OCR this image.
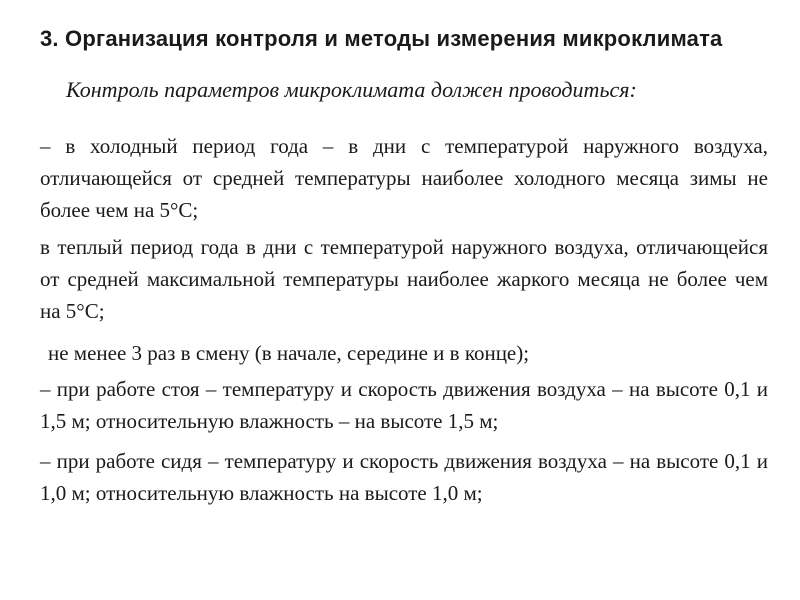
3. Организация контроля и методы измерения микроклимата

Контроль параметров микроклимата должен проводиться:

– в холодный период года – в дни с температурой наружного воздуха, отличающейся от средней температуры наиболее холодного месяца зимы не более чем на 5°С;

в теплый период года в дни с температурой наружного воздуха, отличающейся от средней максимальной температуры наиболее жаркого месяца не более чем на 5°С;

не менее 3 раз в смену (в начале, середине и в конце);

– при работе стоя – температуру и скорость движения воздуха – на высоте 0,1 и 1,5 м; относительную влажность – на высоте 1,5 м;

– при работе сидя – температуру и скорость движения воздуха – на высоте 0,1 и 1,0 м; относительную влажность на высоте 1,0 м;
